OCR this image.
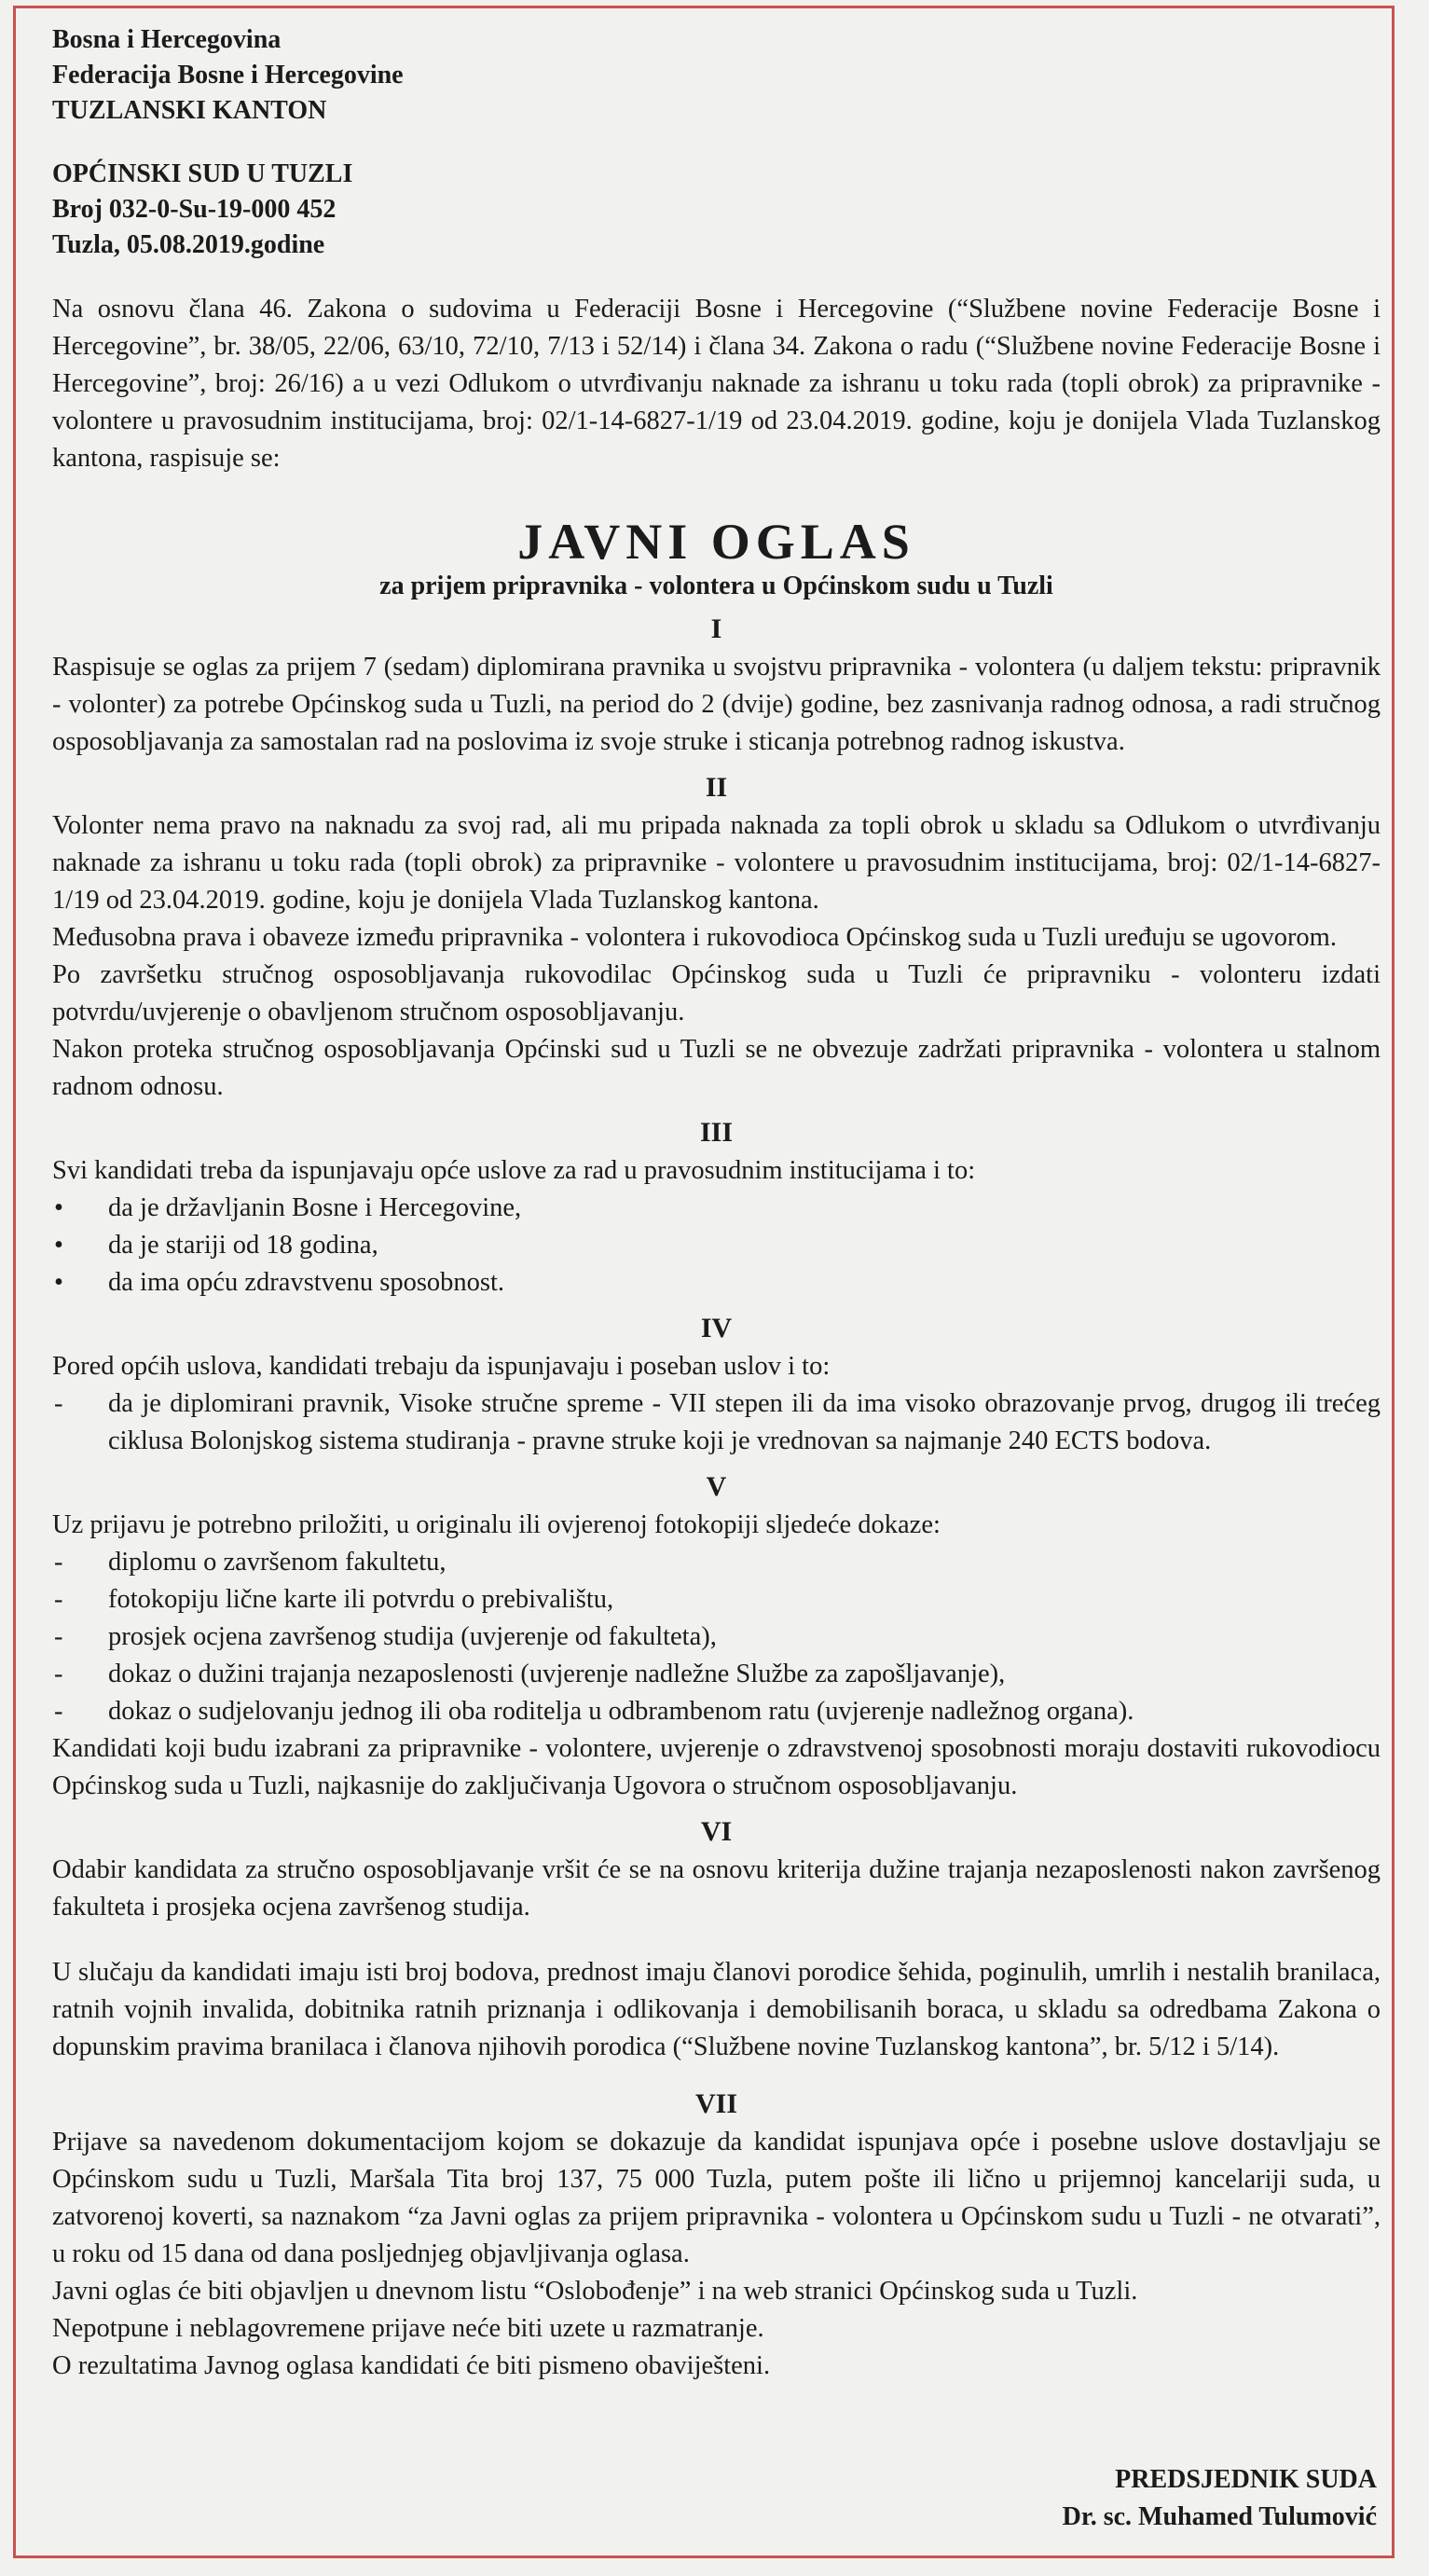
Bosna i Hercegovina
Federacija Bosne i Hercegovine
TUZLANSKI KANTON
OPĆINSKI SUD U TUZLI
Broj 032-0-Su-19-000 452
Tuzla, 05.08.2019.godine

Na osnovu člana 46. Zakona o sudovima u Federaciji Bosne i Hercegovine (“Službene novine Federacije Bosne i Hercegovine”, br. 38/05, 22/06, 63/10, 72/10, 7/13 i 52/14) i člana 34. Zakona o radu (“Službene novine Federacije Bosne i Hercegovine”, broj: 26/16) a u vezi Odlukom o utvrđivanju naknade za ishranu u toku rada (topli obrok) za pripravnike - volontere u pravosudnim institucijama, broj: 02/1-14-6827-1/19 od 23.04.2019. godine, koju je donijela Vlada Tuzlanskog kantona, raspisuje se:

JAVNI OGLAS
za prijem pripravnika - volontera u Općinskom sudu u Tuzli
I

Raspisuje se oglas za prijem 7 (sedam) diplomirana pravnika u svojstvu pripravnika - volontera (u daljem tekstu: pripravnik - volonter) za potrebe Općinskog suda u Tuzli, na period do 2 (dvije) godine, bez zasnivanja radnog odnosa, a radi stručnog osposobljavanja za samostalan rad na poslovima iz svoje struke i sticanja potrebnog radnog iskustva.

II

Volonter nema pravo na naknadu za svoj rad, ali mu pripada naknada za topli obrok u skladu sa Odlukom o utvrđivanju naknade za ishranu u toku rada (topli obrok) za pripravnike - volontere u pravosudnim institucijama, broj: 02/1-14-6827-1/19 od 23.04.2019. godine, koju je donijela Vlada Tuzlanskog kantona.

Međusobna prava i obaveze između pripravnika - volontera i rukovodioca Općinskog suda u Tuzli uređuju se ugovorom.

Po završetku stručnog osposobljavanja rukovodilac Općinskog suda u Tuzli će pripravniku - volonteru izdati potvrdu/uvjerenje o obavljenom stručnom osposobljavanju.

Nakon proteka stručnog osposobljavanja Općinski sud u Tuzli se ne obvezuje zadržati pripravnika - volontera u stalnom radnom odnosu.

III

Svi kandidati treba da ispunjavaju opće uslove za rad u pravosudnim institucijama i to:

•	da je državljanin Bosne i Hercegovine,
•	da je stariji od 18 godina,
•	da ima opću zdravstvenu sposobnost.
IV

Pored općih uslova, kandidati trebaju da ispunjavaju i poseban uslov i to:

-	da je diplomirani pravnik, Visoke stručne spreme - VII stepen ili da ima visoko obrazovanje prvog, drugog ili trećeg ciklusa Bolonjskog sistema studiranja - pravne struke koji je vrednovan sa najmanje 240 ECTS bodova.
V

Uz prijavu je potrebno priložiti, u originalu ili ovjerenoj fotokopiji sljedeće dokaze:

-	diplomu o završenom fakultetu,
-	fotokopiju lične karte ili potvrdu o prebivalištu,
-	prosjek ocjena završenog studija (uvjerenje od fakulteta),
-	dokaz o dužini trajanja nezaposlenosti (uvjerenje nadležne Službe za zapošljavanje),
-	dokaz o sudjelovanju jednog ili oba roditelja u odbrambenom ratu (uvjerenje nadležnog organa).

Kandidati koji budu izabrani za pripravnike - volontere, uvjerenje o zdravstvenoj sposobnosti moraju dostaviti rukovodiocu Općinskog suda u Tuzli, najkasnije do zaključivanja Ugovora o stručnom osposobljavanju.

VI

Odabir kandidata za stručno osposobljavanje vršit će se na osnovu kriterija dužine trajanja nezaposlenosti nakon završenog fakulteta i prosjeka ocjena završenog studija.

U slučaju da kandidati imaju isti broj bodova, prednost imaju članovi porodice šehida, poginulih, umrlih i nestalih branilaca, ratnih vojnih invalida, dobitnika ratnih priznanja i odlikovanja i demobilisanih boraca, u skladu sa odredbama Zakona o dopunskim pravima branilaca i članova njihovih porodica (“Službene novine Tuzlanskog kantona”, br. 5/12 i 5/14).

VII

Prijave sa navedenom dokumentacijom kojom se dokazuje da kandidat ispunjava opće i posebne uslove dostavljaju se Općinskom sudu u Tuzli, Maršala Tita broj 137, 75 000 Tuzla, putem pošte ili lično u prijemnoj kancelariji suda, u zatvorenoj koverti, sa naznakom “za Javni oglas za prijem pripravnika - volontera u Općinskom sudu u Tuzli - ne otvarati”, u roku od 15 dana od dana posljednjeg objavljivanja oglasa.

Javni oglas će biti objavljen u dnevnom listu “Oslobođenje” i na web stranici Općinskog suda u Tuzli.

Nepotpune i neblagovremene prijave neće biti uzete u razmatranje.

O rezultatima Javnog oglasa kandidati će biti pismeno obaviješteni.

PREDSJEDNIK SUDA
Dr. sc. Muhamed Tulumović
